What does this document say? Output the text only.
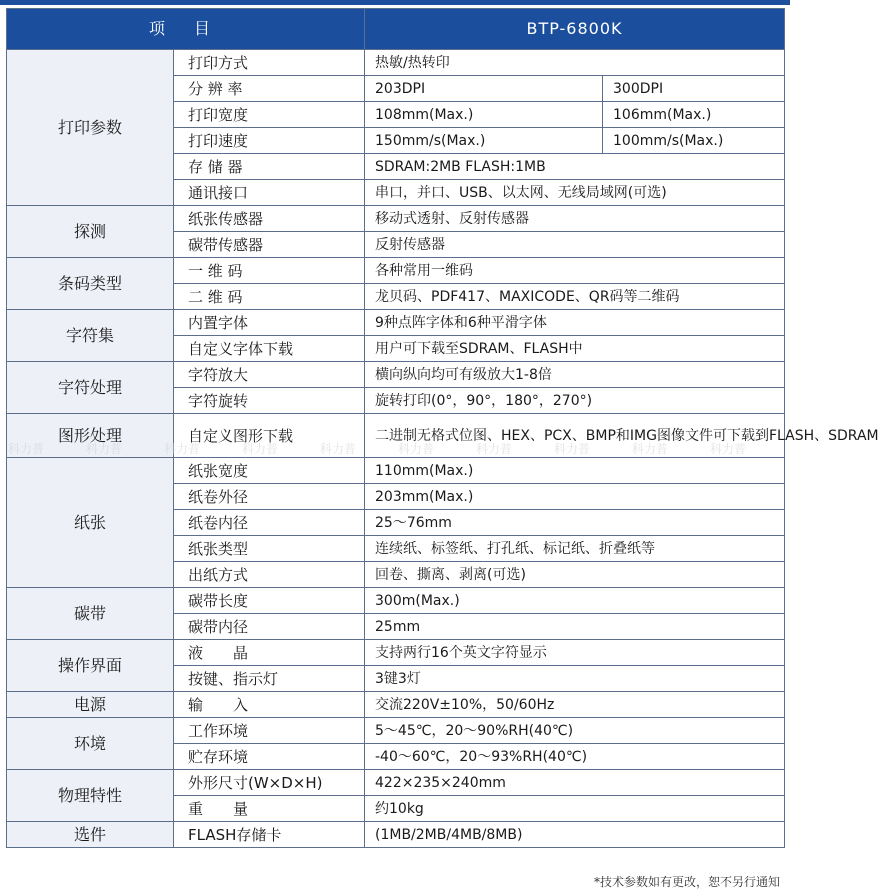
项 目		BTP-6800K	
打印参数	打印方式	热敏/热转印	
	分 辨 率	203DPI	300DPI
	打印宽度	108mm(Max.)	106mm(Max.)
	打印速度	150mm/s(Max.)	100mm/s(Max.)
	存 储 器	SDRAM:2MB FLASH:1MB	
	通讯接口	串口，并口、USB、以太网、无线局域网(可选)	
探测	纸张传感器	移动式透射、反射传感器	
	碳带传感器	反射传感器	
条码类型	一 维 码	各种常用一维码	
	二 维 码	龙贝码、PDF417、MAXICODE、QR码等二维码	
字符集	内置字体	9种点阵字体和6种平滑字体	
	自定义字体下载	用户可下载至SDRAM、FLASH中	
字符处理	字符放大	横向纵向均可有级放大1-8倍	
	字符旋转	旋转打印(0°，90°，180°，270°)	
图形处理	自定义图形下载	二进制无格式位图、HEX、PCX、BMP和IMG图像文件可下载到FLASH、SDRAM	
纸张	纸张宽度	110mm(Max.)	
	纸卷外径	203mm(Max.)	
	纸卷内径	25～76mm	
	纸张类型	连续纸、标签纸、打孔纸、标记纸、折叠纸等	
	出纸方式	回卷、撕离、剥离(可选)	
碳带	碳带长度	300m(Max.)	
	碳带内径	25mm	
操作界面	液　　晶	支持两行16个英文字符显示	
	按键、指示灯	3键3灯	
电源	输　　入	交流220V±10%，50/60Hz	
环境	工作环境	5～45℃，20～90%RH(40℃)	
	贮存环境	-40～60℃，20～93%RH(40℃)	
物理特性	外形尺寸(W×D×H)	422×235×240mm	
	重　　量	约10kg	
选件	FLASH存储卡	(1MB/2MB/4MB/8MB)	
科力普	科力普	科力普	科力普	科力普	科力普	科力普	科力普	科力普	科力普
*技术参数如有更改，恕不另行通知
